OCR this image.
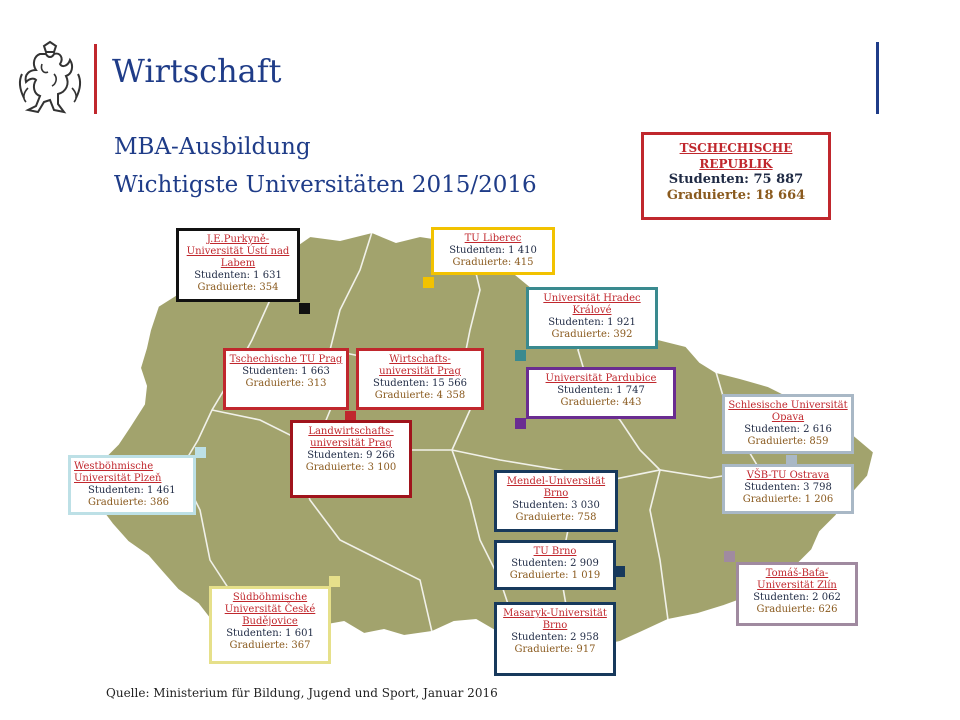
Wirtschaft
MBA-Ausbildung
Wichtigste Universitäten 2015/2016
TSCHECHISCHE REPUBLIK
Studenten: 75 887
Graduierte: 18 664
J.E.Purkyně-Universität Ústí nad Labem
Studenten: 1 631
Graduierte: 354
TU Liberec
Studenten: 1 410
Graduierte: 415
Universität Hradec Králové
Studenten: 1 921
Graduierte: 392
Tschechische TU Prag
Studenten: 1 663
Graduierte: 313
Wirtschafts-universität Prag
Studenten: 15 566
Graduierte: 4 358
Universität Pardubice
Studenten: 1 747
Graduierte: 443
Landwirtschafts-universität Prag
Studenten: 9 266
Graduierte: 3 100
Schlesische Universität Opava
Studenten: 2 616
Graduierte: 859
Westböhmische Universität Plzeň
Studenten: 1 461
Graduierte: 386
VŠB-TU Ostrava
Studenten: 3 798
Graduierte: 1 206
Mendel-Universität Brno
Studenten: 3 030
Graduierte: 758
TU Brno
Studenten: 2 909
Graduierte: 1 019	Tomáš-Baťa-Universität Zlín
Studenten: 2 062
Graduierte: 626
Südböhmische Universität České Budějovice
Studenten: 1 601
Graduierte: 367
Masaryk-Universität Brno
Studenten: 2 958
Graduierte: 917
Quelle: Ministerium für Bildung, Jugend und Sport, Januar 2016
